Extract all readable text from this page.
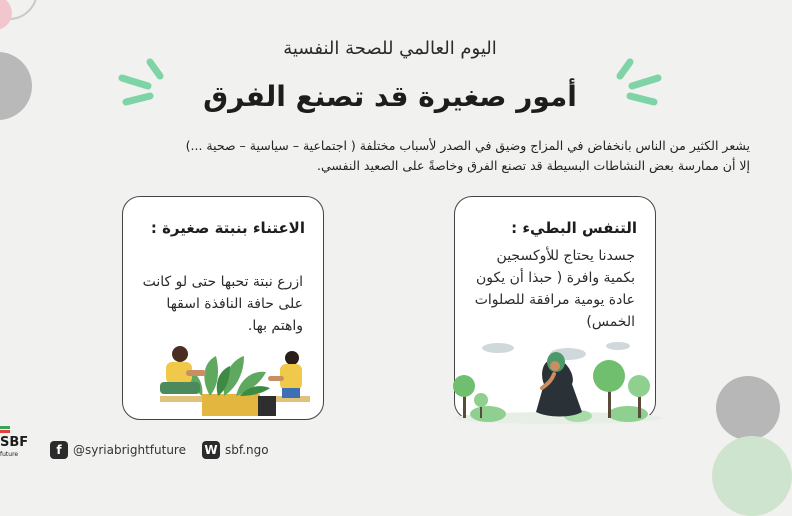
اليوم العالمي للصحة النفسية
أمور صغيرة قد تصنع الفرق
يشعر الكثير من الناس بانخفاض في المزاج وضيق في الصدر لأسباب مختلفة ( اجتماعية – سياسية – صحية ...)
إلا أن ممارسة بعض النشاطات البسيطة قد تصنع الفرق وخاصةً على الصعيد النفسي.
الاعتناء بنبتة صغيرة :
ازرع نبتة تحبها حتى لو كانت على حافة النافذة اسقها واهتم بها.
التنفس البطيء :
جسدنا يحتاج للأوكسجين بكمية وافرة ( حبذا أن يكون عادة يومية مرافقة للصلوات الخمس)
SBF
future	f @syriabrightfuture W sbf.ngo
